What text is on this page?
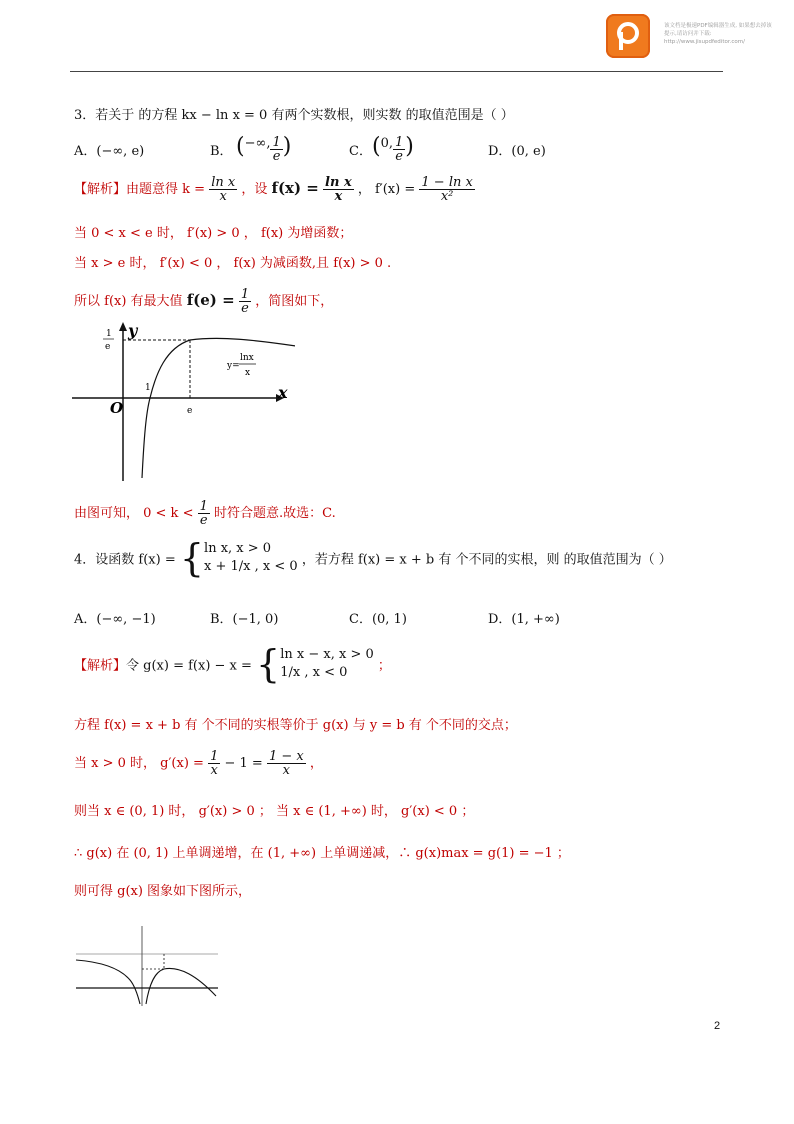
该文档是极速PDF编辑器生成, 如果想去掉该提示,请访问并下载: http://www.jisupdfeditor.com/
3．若关于 的方程 kx − ln x = 0 有两个实数根，则实数 的取值范围是（ ）
A．(−∞, e)	B． (−∞, $\frac{1}{e}$ )	C． (0, $\frac{1}{e}$ )	D．(0, e)
【解析】由题意得 $k = \frac{\text{ln x}}{x}$ ，设 $f(x) = \frac{\text{ln x}}{x}$ ， $f'(x) = \frac{\text{1 − ln x}}{\text{x²}}$
当 0 < x < e 时， f′(x) > 0 ， f(x) 为增函数；
当 x > e 时， f′(x) < 0 ， f(x) 为减函数,且 f(x) > 0 .
所以 f(x) 有最大值 $f(e) = \frac{1}{e}$ ，简图如下，
y
x
O
1
e
1
e
y=
lnx
x
由图可知， $0 < k < \frac{1}{e}$ 时符合题意.故选：C.
4．设函数 f(x) = { ln x, x > 0
x + 1/x , x < 0 ，若方程 f(x) = x + b 有 个不同的实根，则 的取值范围为（ ）
A．(−∞, −1)	B．(−1, 0)	C．(0, 1)	D．(1, +∞)
【解析】令 g(x) = f(x) − x = { ln x − x, x > 0
1/x , x < 0	；
方程 f(x) = x + b 有 个不同的实根等价于 g(x) 与 y = b 有 个不同的交点；
当 x > 0 时， $g'(x) = \frac{1}{x} - 1 = \frac{1 - x}{x}$ ，
则当 x ∈ (0, 1) 时， g′(x) > 0 ； 当 x ∈ (1, +∞) 时， g′(x) < 0 ；
∴ g(x) 在 (0, 1) 上单调递增，在 (1, +∞) 上单调递减，∴ g(x)max = g(1) = −1 ；
则可得 g(x) 图象如下图所示，
2
